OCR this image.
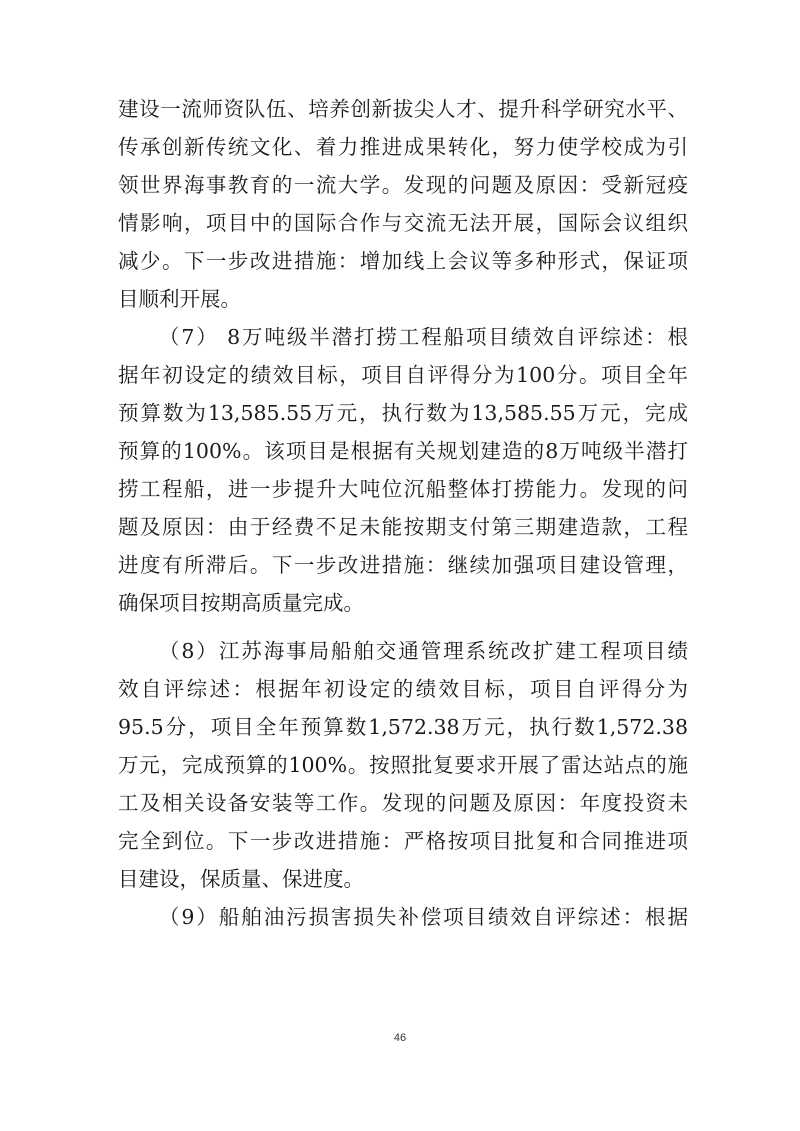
建设一流师资队伍、培养创新拔尖人才、提升科学研究水平、
传承创新传统文化、着力推进成果转化，努力使学校成为引
领世界海事教育的一流大学。发现的问题及原因：受新冠疫
情影响，项目中的国际合作与交流无法开展，国际会议组织
减少。下一步改进措施：增加线上会议等多种形式，保证项
目顺利开展。
（7） 8万吨级半潜打捞工程船项目绩效自评综述：根
据年初设定的绩效目标，项目自评得分为100分。项目全年
预算数为13,585.55万元，执行数为13,585.55万元，完成
预算的100%。该项目是根据有关规划建造的8万吨级半潜打
捞工程船，进一步提升大吨位沉船整体打捞能力。发现的问
题及原因：由于经费不足未能按期支付第三期建造款，工程
进度有所滞后。下一步改进措施：继续加强项目建设管理，
确保项目按期高质量完成。
（8）江苏海事局船舶交通管理系统改扩建工程项目绩
效自评综述：根据年初设定的绩效目标，项目自评得分为
95.5分，项目全年预算数1,572.38万元，执行数1,572.38
万元，完成预算的100%。按照批复要求开展了雷达站点的施
工及相关设备安装等工作。发现的问题及原因：年度投资未
完全到位。下一步改进措施：严格按项目批复和合同推进项
目建设，保质量、保进度。
（9）船舶油污损害损失补偿项目绩效自评综述：根据
46
